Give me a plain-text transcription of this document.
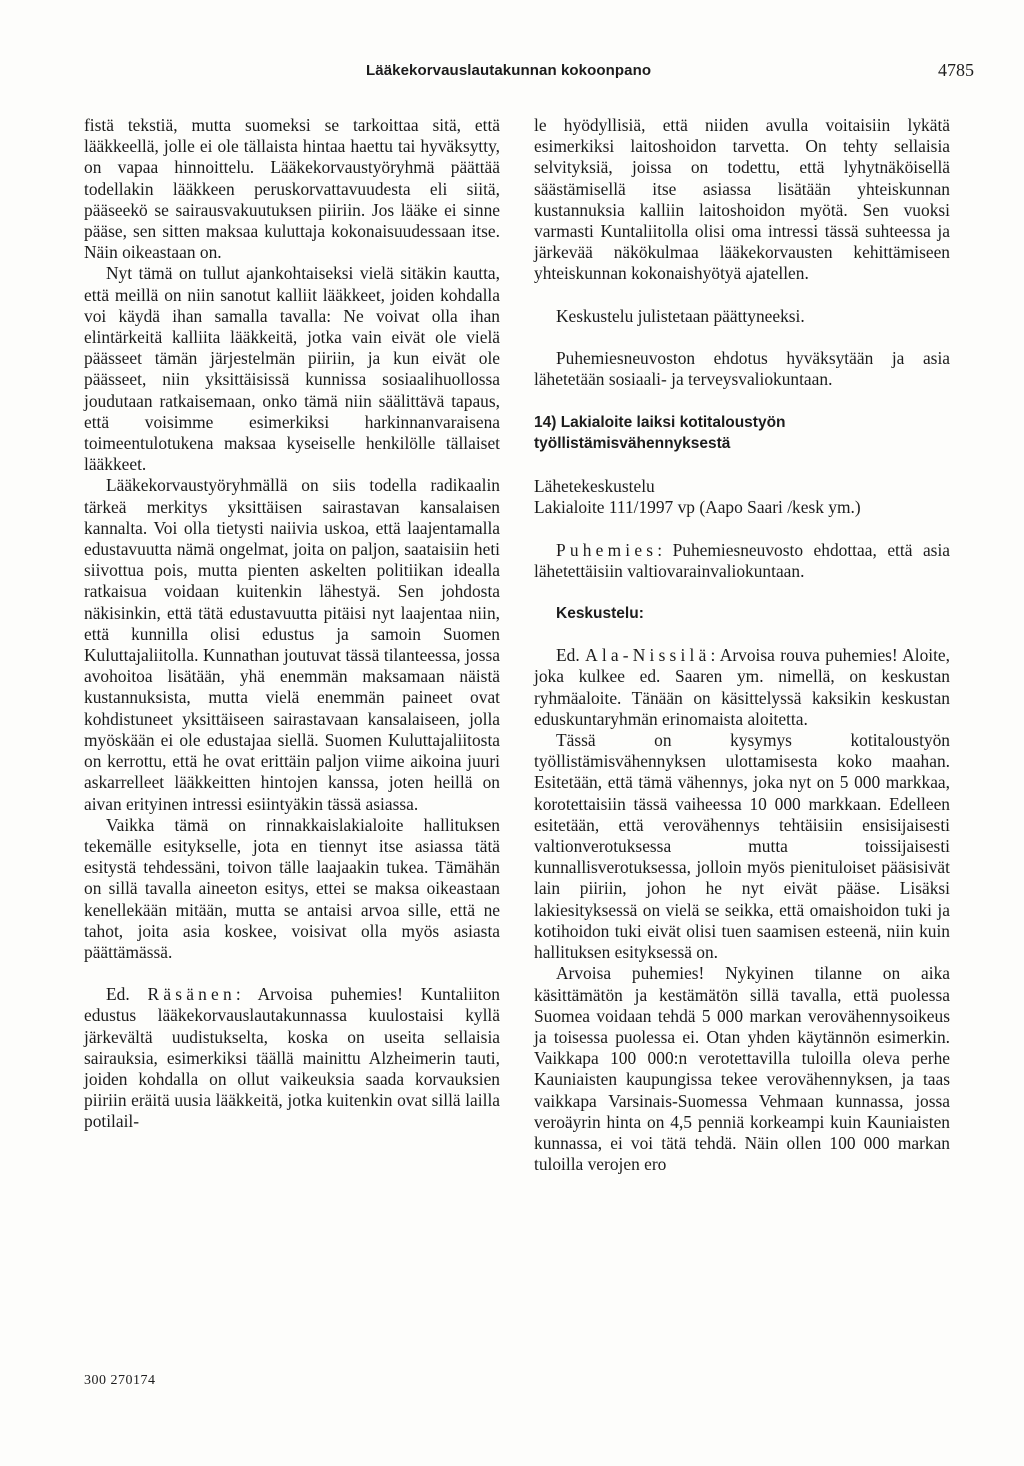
Lääkekorvauslautakunnan kokoonpano	4785

fistä tekstiä, mutta suomeksi se tarkoittaa sitä, että lääkkeellä, jolle ei ole tällaista hintaa haettu tai hyväksytty, on vapaa hinnoittelu. Lääkekorvaustyöryhmä päättää todellakin lääkkeen peruskorvattavuudesta eli siitä, pääseekö se sairausvakuutuksen piiriin. Jos lääke ei sinne pääse, sen sitten maksaa kuluttaja kokonaisuudessaan itse. Näin oikeastaan on.

Nyt tämä on tullut ajankohtaiseksi vielä sitäkin kautta, että meillä on niin sanotut kalliit lääkkeet, joiden kohdalla voi käydä ihan samalla tavalla: Ne voivat olla ihan elintärkeitä kalliita lääkkeitä, jotka vain eivät ole vielä päässeet tämän järjestelmän piiriin, ja kun eivät ole päässeet, niin yksittäisissä kunnissa sosiaalihuollossa joudutaan ratkaisemaan, onko tämä niin säälittävä tapaus, että voisimme esimerkiksi harkinnanvaraisena toimeentulotukena maksaa kyseiselle henkilölle tällaiset lääkkeet.

Lääkekorvaustyöryhmällä on siis todella radikaalin tärkeä merkitys yksittäisen sairastavan kansalaisen kannalta. Voi olla tietysti naiivia uskoa, että laajentamalla edustavuutta nämä ongelmat, joita on paljon, saataisiin heti siivottua pois, mutta pienten askelten politiikan idealla ratkaisua voidaan kuitenkin lähestyä. Sen johdosta näkisinkin, että tätä edustavuutta pitäisi nyt laajentaa niin, että kunnilla olisi edustus ja samoin Suomen Kuluttajaliitolla. Kunnathan joutuvat tässä tilanteessa, jossa avohoitoa lisätään, yhä enemmän maksamaan näistä kustannuksista, mutta vielä enemmän paineet ovat kohdistuneet yksittäiseen sairastavaan kansalaiseen, jolla myöskään ei ole edustajaa siellä. Suomen Kuluttajaliitosta on kerrottu, että he ovat erittäin paljon viime aikoina juuri askarrelleet lääkkeitten hintojen kanssa, joten heillä on aivan erityinen intressi esiintyäkin tässä asiassa.

Vaikka tämä on rinnakkaislakialoite hallituksen tekemälle esitykselle, jota en tiennyt itse asiassa tätä esitystä tehdessäni, toivon tälle laajaakin tukea. Tämähän on sillä tavalla aineeton esitys, ettei se maksa oikeastaan kenellekään mitään, mutta se antaisi arvoa sille, että ne tahot, joita asia koskee, voisivat olla myös asiasta päättämässä.

Ed. Räsänen: Arvoisa puhemies! Kuntaliiton edustus lääkekorvauslautakunnassa kuulostaisi kyllä järkevältä uudistukselta, koska on useita sellaisia sairauksia, esimerkiksi täällä mainittu Alzheimerin tauti, joiden kohdalla on ollut vaikeuksia saada korvauksien piiriin eräitä uusia lääkkeitä, jotka kuitenkin ovat sillä lailla potilail-

le hyödyllisiä, että niiden avulla voitaisiin lykätä esimerkiksi laitoshoidon tarvetta. On tehty sellaisia selvityksiä, joissa on todettu, että lyhytnäköisellä säästämisellä itse asiassa lisätään yhteiskunnan kustannuksia kalliin laitoshoidon myötä. Sen vuoksi varmasti Kuntaliitolla olisi oma intressi tässä suhteessa ja järkevää näkökulmaa lääkekorvausten kehittämiseen yhteiskunnan kokonaishyötyä ajatellen.

Keskustelu julistetaan päättyneeksi.

Puhemiesneuvoston ehdotus hyväksytään ja asia lähetetään sosiaali- ja terveysvaliokuntaan.

14) Lakialoite laiksi kotitaloustyön työllistämisvähennyksestä

Lähetekeskustelu

Lakialoite 111/1997 vp (Aapo Saari /kesk ym.)

Puhemies: Puhemiesneuvosto ehdottaa, että asia lähetettäisiin valtiovarainvaliokuntaan.

Keskustelu:

Ed. Ala-Nissilä: Arvoisa rouva puhemies! Aloite, joka kulkee ed. Saaren ym. nimellä, on keskustan ryhmäaloite. Tänään on käsittelyssä kaksikin keskustan eduskuntaryhmän erinomaista aloitetta.

Tässä on kysymys kotitaloustyön työllistämisvähennyksen ulottamisesta koko maahan. Esitetään, että tämä vähennys, joka nyt on 5 000 markkaa, korotettaisiin tässä vaiheessa 10 000 markkaan. Edelleen esitetään, että verovähennys tehtäisiin ensisijaisesti valtionverotuksessa mutta toissijaisesti kunnallisverotuksessa, jolloin myös pienituloiset pääsisivät lain piiriin, johon he nyt eivät pääse. Lisäksi lakiesityksessä on vielä se seikka, että omaishoidon tuki ja kotihoidon tuki eivät olisi tuen saamisen esteenä, niin kuin hallituksen esityksessä on.

Arvoisa puhemies! Nykyinen tilanne on aika käsittämätön ja kestämätön sillä tavalla, että puolessa Suomea voidaan tehdä 5 000 markan verovähennysoikeus ja toisessa puolessa ei. Otan yhden käytännön esimerkin. Vaikkapa 100 000:n verotettavilla tuloilla oleva perhe Kauniaisten kaupungissa tekee verovähennyksen, ja taas vaikkapa Varsinais-Suomessa Vehmaan kunnassa, jossa veroäyrin hinta on 4,5 penniä korkeampi kuin Kauniaisten kunnassa, ei voi tätä tehdä. Näin ollen 100 000 markan tuloilla verojen ero

300 270174
